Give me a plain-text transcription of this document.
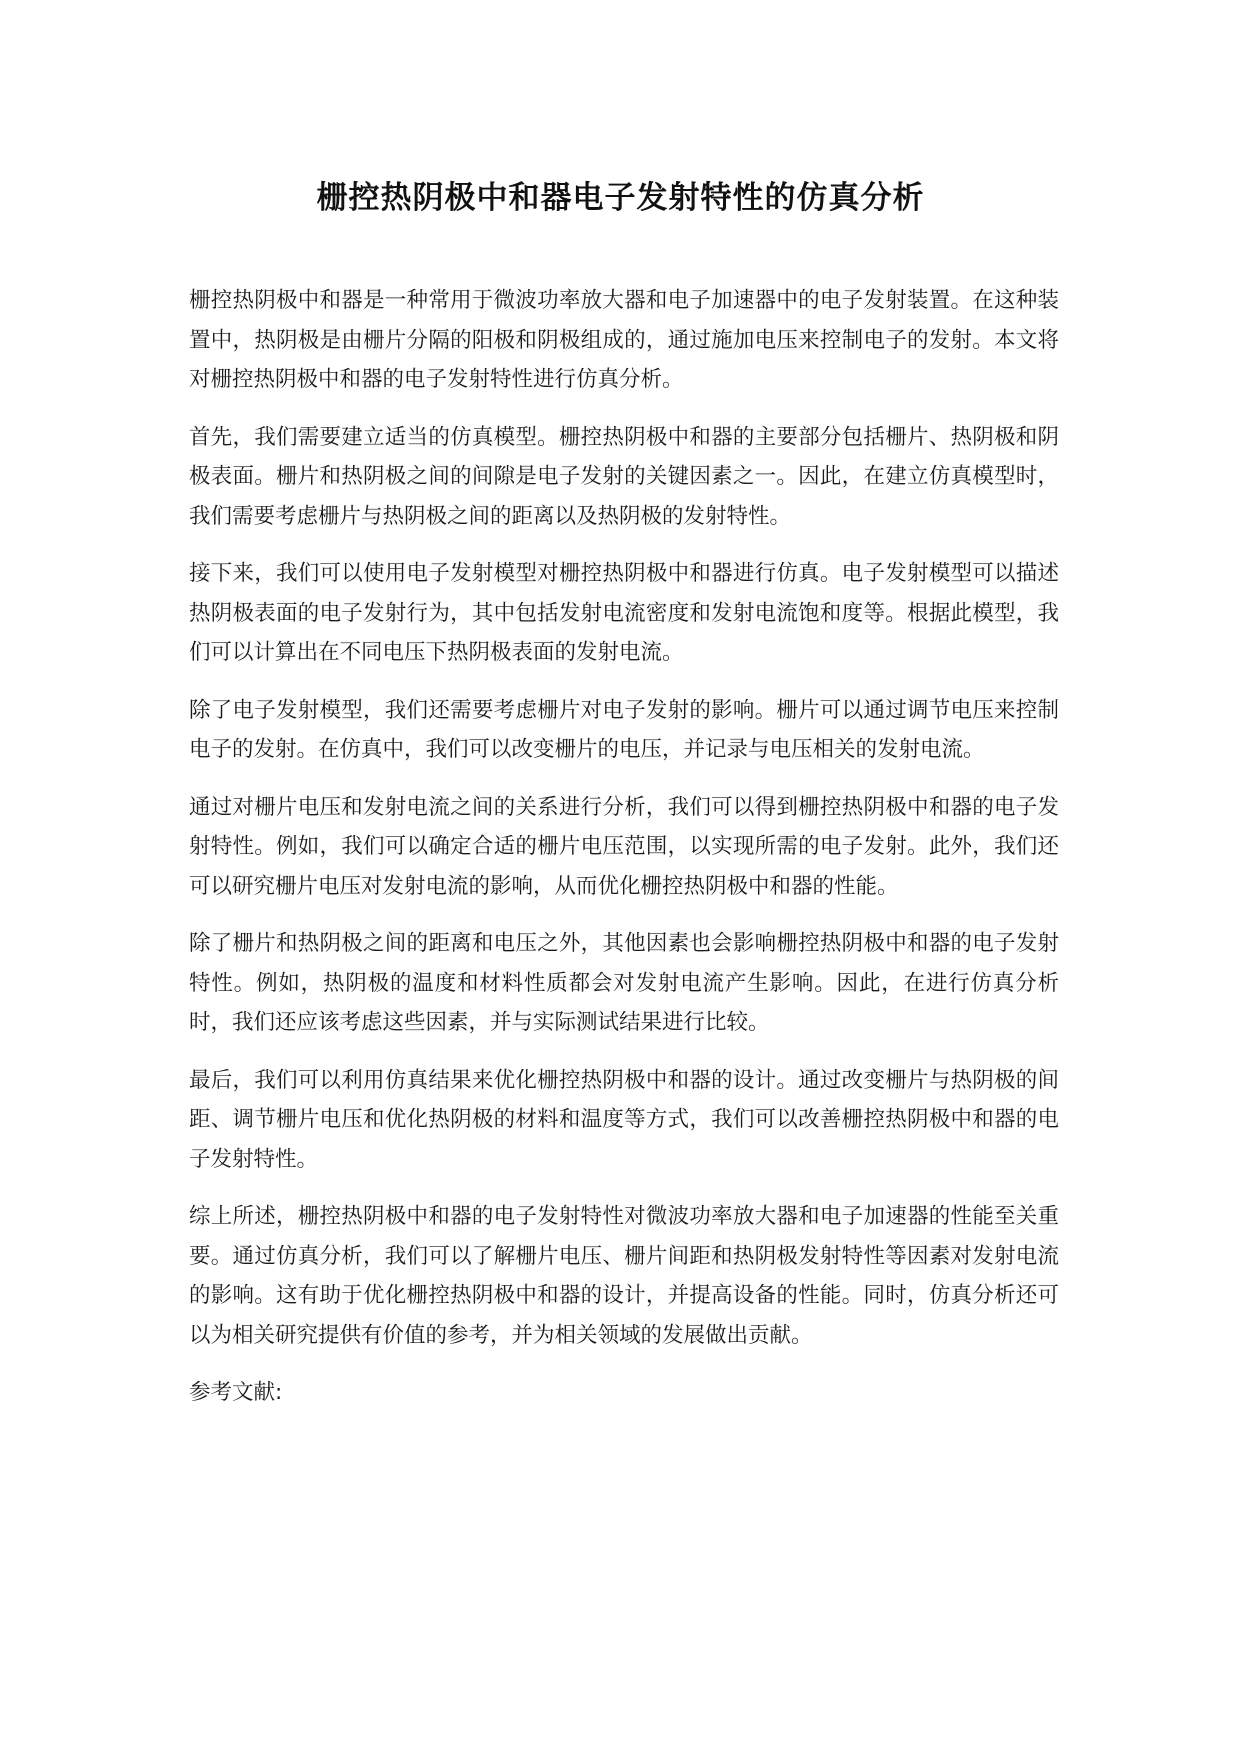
栅控热阴极中和器电子发射特性的仿真分析

栅控热阴极中和器是一种常用于微波功率放大器和电子加速器中的电子发射装置。在这种装置中，热阴极是由栅片分隔的阳极和阴极组成的，通过施加电压来控制电子的发射。本文将对栅控热阴极中和器的电子发射特性进行仿真分析。

首先，我们需要建立适当的仿真模型。栅控热阴极中和器的主要部分包括栅片、热阴极和阴极表面。栅片和热阴极之间的间隙是电子发射的关键因素之一。因此，在建立仿真模型时，我们需要考虑栅片与热阴极之间的距离以及热阴极的发射特性。

接下来，我们可以使用电子发射模型对栅控热阴极中和器进行仿真。电子发射模型可以描述热阴极表面的电子发射行为，其中包括发射电流密度和发射电流饱和度等。根据此模型，我们可以计算出在不同电压下热阴极表面的发射电流。

除了电子发射模型，我们还需要考虑栅片对电子发射的影响。栅片可以通过调节电压来控制电子的发射。在仿真中，我们可以改变栅片的电压，并记录与电压相关的发射电流。

通过对栅片电压和发射电流之间的关系进行分析，我们可以得到栅控热阴极中和器的电子发射特性。例如，我们可以确定合适的栅片电压范围，以实现所需的电子发射。此外，我们还可以研究栅片电压对发射电流的影响，从而优化栅控热阴极中和器的性能。

除了栅片和热阴极之间的距离和电压之外，其他因素也会影响栅控热阴极中和器的电子发射特性。例如，热阴极的温度和材料性质都会对发射电流产生影响。因此，在进行仿真分析时，我们还应该考虑这些因素，并与实际测试结果进行比较。

最后，我们可以利用仿真结果来优化栅控热阴极中和器的设计。通过改变栅片与热阴极的间距、调节栅片电压和优化热阴极的材料和温度等方式，我们可以改善栅控热阴极中和器的电子发射特性。

综上所述，栅控热阴极中和器的电子发射特性对微波功率放大器和电子加速器的性能至关重要。通过仿真分析，我们可以了解栅片电压、栅片间距和热阴极发射特性等因素对发射电流的影响。这有助于优化栅控热阴极中和器的设计，并提高设备的性能。同时，仿真分析还可以为相关研究提供有价值的参考，并为相关领域的发展做出贡献。

参考文献:
